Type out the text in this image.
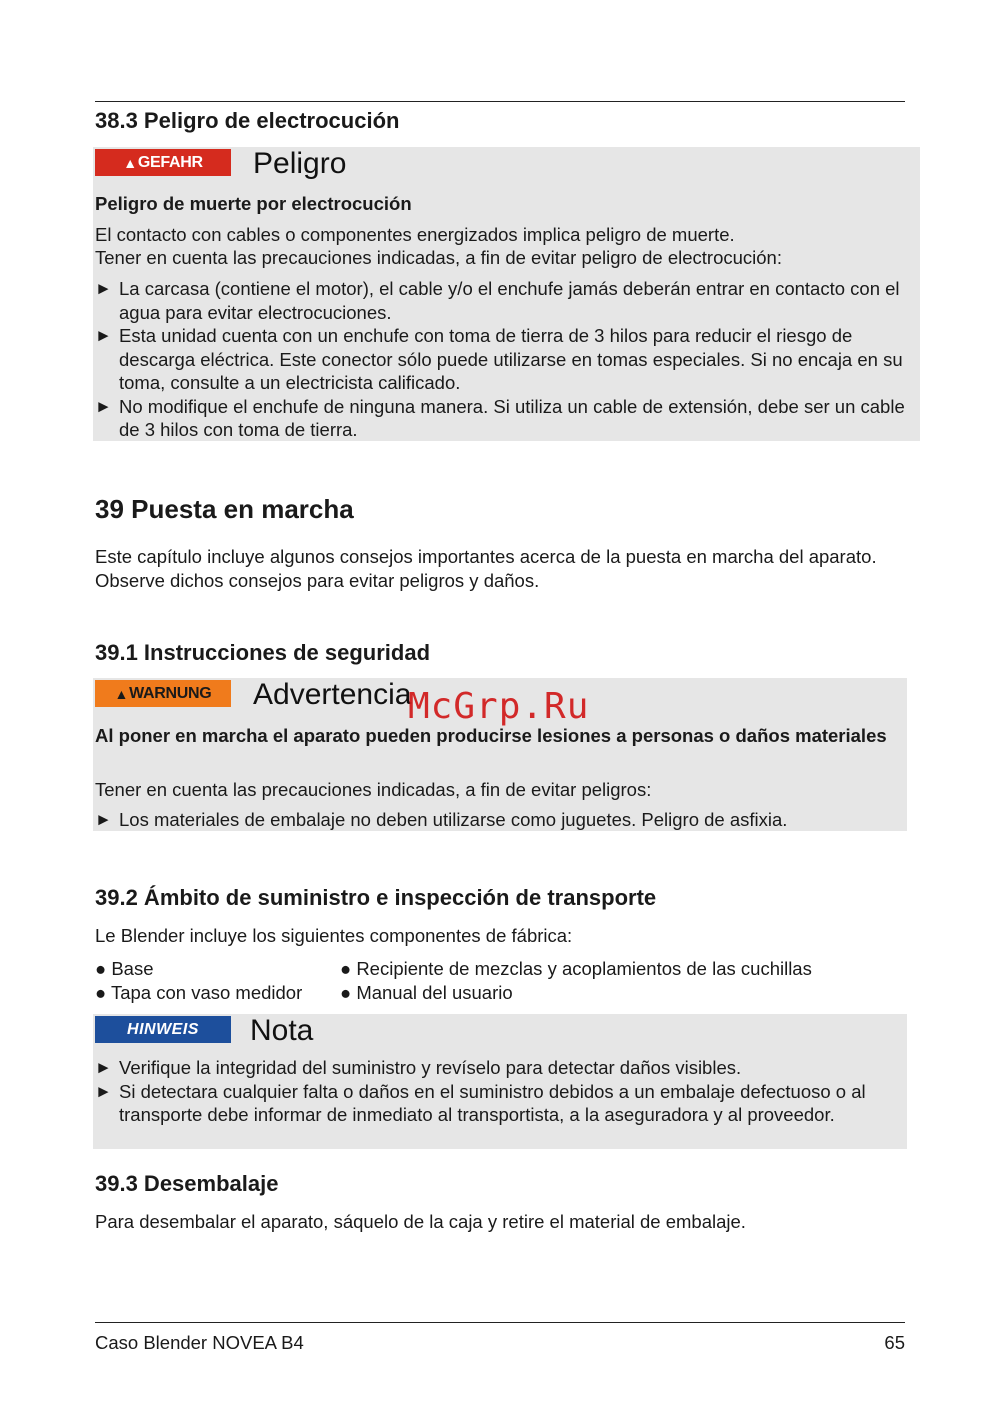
38.3 Peligro de electrocución
▲ GEFAHR Peligro
Peligro de muerte por electrocución
El contacto con cables o componentes energizados implica peligro de muerte.
Tener en cuenta las precauciones indicadas, a fin de evitar peligro de electrocución:
► La carcasa (contiene el motor), el cable y/o el enchufe jamás deberán entrar en contacto con el agua para evitar electrocuciones.
► Esta unidad cuenta con un enchufe con toma de tierra de 3 hilos para reducir el riesgo de descarga eléctrica. Este conector sólo puede utilizarse en tomas especiales. Si no encaja en su toma, consulte a un electricista calificado.
► No modifique el enchufe de ninguna manera. Si utiliza un cable de extensión, debe ser un cable de 3 hilos con toma de tierra.
39 Puesta en marcha
Este capítulo incluye algunos consejos importantes acerca de la puesta en marcha del aparato. Observe dichos consejos para evitar peligros y daños.
39.1 Instrucciones de seguridad
▲ WARNUNG Advertencia
Al poner en marcha el aparato pueden producirse lesiones a personas o daños materiales
Tener en cuenta las precauciones indicadas, a fin de evitar peligros:
► Los materiales de embalaje no deben utilizarse como juguetes. Peligro de asfixia.
McGrp.Ru
39.2 Ámbito de suministro e inspección de transporte
Le Blender incluye los siguientes componentes de fábrica:
● Base	● Recipiente de mezclas y acoplamientos de las cuchillas
● Tapa con vaso medidor	● Manual del usuario
HINWEIS Nota
► Verifique la integridad del suministro y revíselo para detectar daños visibles.
► Si detectara cualquier falta o daños en el suministro debidos a un embalaje defectuoso o al transporte debe informar de inmediato al transportista, a la aseguradora y al proveedor.
39.3 Desembalaje
Para desembalar el aparato, sáquelo de la caja y retire el material de embalaje.
Caso Blender NOVEA B4	65
